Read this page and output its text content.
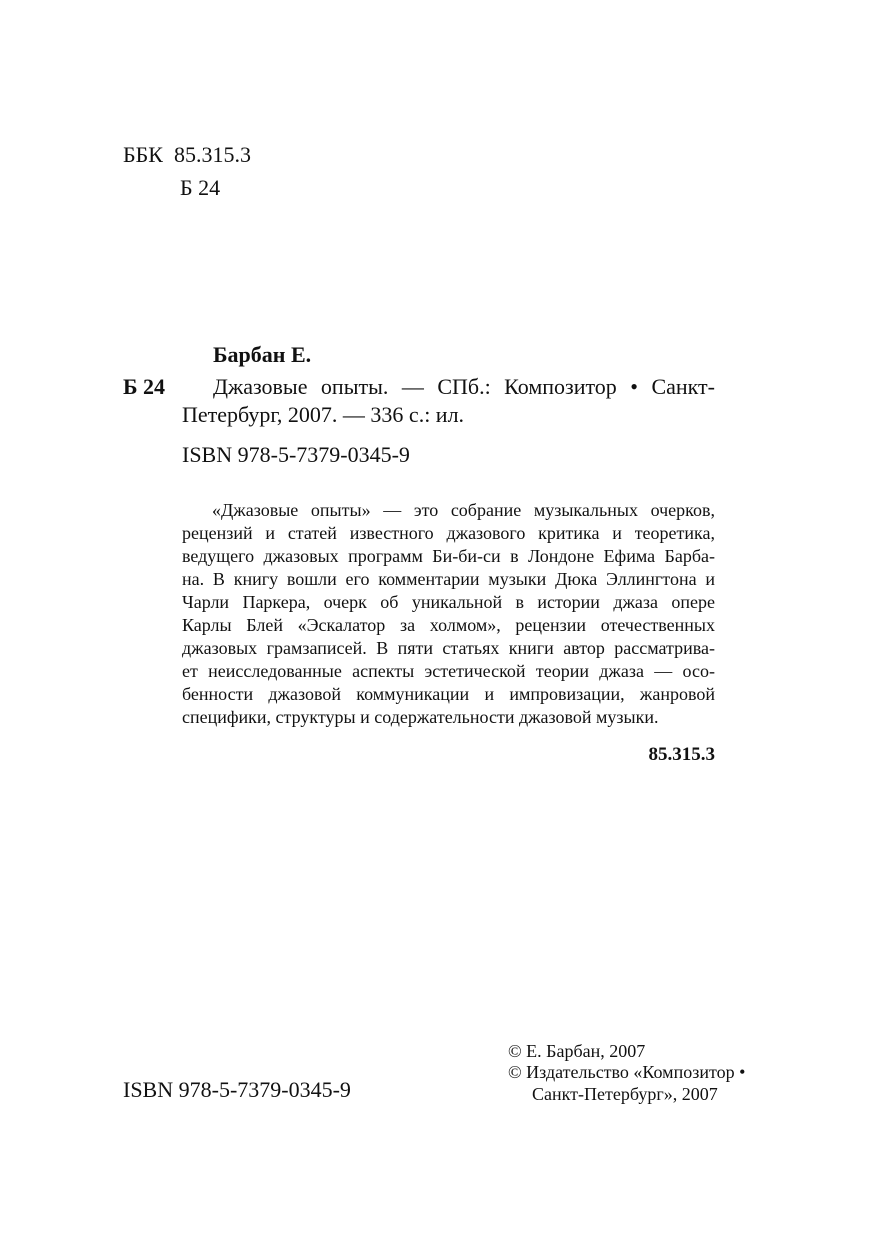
ББК 85.315.3
Б 24
Барбан Е.
Б 24 Джазовые опыты. — СПб.: Композитор • Санкт-
Петербург, 2007. — 336 с.: ил.
ISBN 978-5-7379-0345-9
«Джазовые опыты» — это собрание музыкальных очерков,
рецензий и статей известного джазового критика и теоретика,
ведущего джазовых программ Би-би-си в Лондоне Ефима Барба-
на. В книгу вошли его комментарии музыки Дюка Эллингтона и
Чарли Паркера, очерк об уникальной в истории джаза опере
Карлы Блей «Эскалатор за холмом», рецензии отечественных
джазовых грамзаписей. В пяти статьях книги автор рассматрива-
ет неисследованные аспекты эстетической теории джаза — осо-
бенности джазовой коммуникации и импровизации, жанровой
специфики, структуры и содержательности джазовой музыки.
85.315.3
ISBN 978-5-7379-0345-9
© Е. Барбан, 2007
© Издательство «Композитор •
Санкт-Петербург», 2007
